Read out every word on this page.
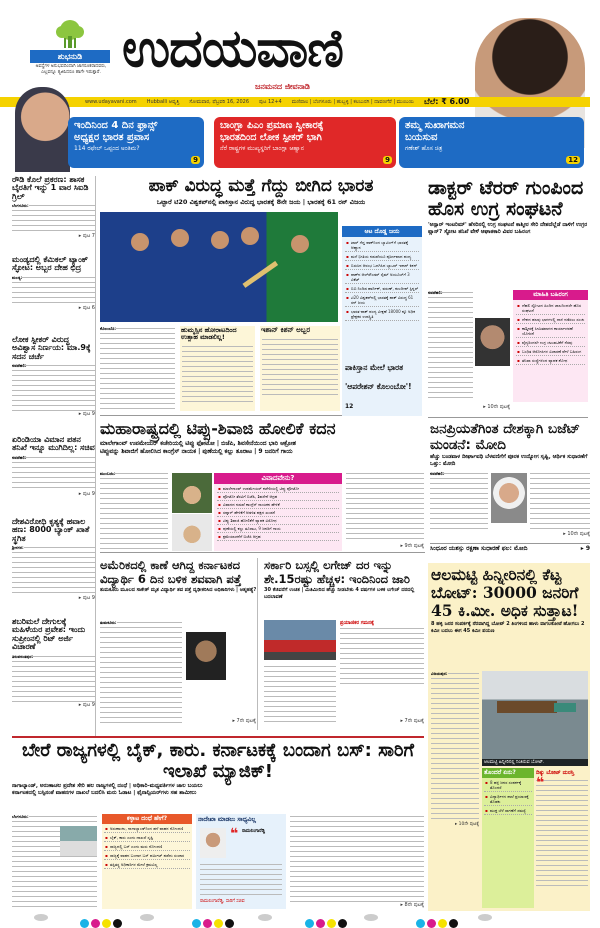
ಶುಭನುಡಿ
ಅವಸ್ಥೆಗಳ ಅನುಭವದಿಂದಾಗಿ ಜಾಗರೂಕರಾದವರು, ಎಲ್ಲವನ್ನೂ ತ್ಯಜಿಸಿದರೂ ಹಾಗೇ ಇರುತ್ತಾರೆ. ಉದಯವಾಣಿ
ಜನಮನದ ಜೀವನಾಡಿ
www.udayavani.com Hubballi ಆವೃತ್ತಿ ಸೋಮವಾರ, ಫೆಬ್ರವರಿ 16, 2026 ಪುಟ 12+4 ಮಣಿಪಾಲ | ಬೆಂಗಳೂರು | ಹುಬ್ಬಳ್ಳಿ | ಕಲಬುರಗಿ | ದಾವಣಗೆರೆ | ಮುಂಬಯಿ ಬೆಲೆ: ₹ 6.00
ಇಂದಿನಿಂದ 4 ದಿನ ಫ್ರಾನ್ಸ್
ಅಧ್ಯಕ್ಷರ ಭಾರತ ಪ್ರವಾಸ
114 ರಫೇಲ್ ಒಪ್ಪಂದ ಅಂತಿಮ?
9
ಬಾಂಗ್ಲಾ ಪಿಎಂ ಪ್ರಮಾಣ ಸ್ವೀಕಾರಕ್ಕೆ
ಭಾರತದಿಂದ ಲೋಕ ಸ್ಪೀಕರ್ ಭಾಗಿ
ನೆರೆ ರಾಷ್ಟ್ರಗಳ ಮುಖ್ಯಸ್ಥರಿಗೆ ಬಾಂಗ್ಲಾ ಆಹ್ವಾನ
9
ತಮ್ಮ ಸುಖಾಗಮನ
ಬಯಸುವ
ಗಣೇಶ್ ಹೊಸ ಚಿತ್ರ
12
ರೌಡಿ ಕೊಲೆ ಪ್ರಕರಣ: ಶಾಸಕ ಬೈರತಿಗೆ ಇನ್ನು 1 ವಾರ ಸಿಐಡಿ ಗ್ರಿಲ್
ಬೆಂಗಳೂರು:
▸ ಪುಟ 7
ಮಂಡ್ಯದಲ್ಲಿ ಕೆಮಿಕಲ್ ಟ್ಯಾಂಕ್ ಸ್ಫೋಟ: ಅಬ್ಬರ ದೇಹ ಛಿದ್ರ
ಮಂಡ್ಯ:
▸ ಪುಟ 6
ಲೋಕ ಸ್ಪೀಕರ್ ವಿರುದ್ಧ ಅವಿಶ್ವಾಸ ನಿರ್ಣಯ: ಮಾ.9ಕ್ಕೆ ಸದನ ಚರ್ಚೆ
ನವದೆಹಲಿ:
▸ ಪುಟ 9
ಏರಿಂಡಿಯಾ ವಿಮಾನ ಪತನ ತನಿಖೆ ಇನ್ನೂ ಮುಗಿದಿಲ್ಲ: ಸಚಿವ
ನವದೆಹಲಿ:
▸ ಪುಟ 9
ದೇಶವಿರೋಧಿ ಕೃತ್ಯಕ್ಕೆ ಹವಾಲ ಹಣ: 8000 ಬ್ಯಾಂಕ್ ಖಾತೆ ಸ್ಥಗಿತ
ಶ್ರೀನಗರ:
▸ ಪುಟ 9
ಶಬರಿಮಲೆ ದೇಗುಲಕ್ಕೆ ಮಹಿಳೆಯರ ಪ್ರವೇಶ: ಇಂದು ಸುಪ್ರೀಂನಲ್ಲಿ ರಿಟ್ ಅರ್ಜಿ ವಿಚಾರಣೆ
ತಿರುವನಂತಪುರ:
▸ ಪುಟ 9
ಪಾಕ್ ವಿರುದ್ಧ ಮತ್ತೆ ಗೆದ್ದು ಬೀಗಿದ ಭಾರತ
ಒಟ್ಟಾರೆ ಟಿ20 ವಿಶ್ವಕಪ್‌ನಲ್ಲಿ ಪಾಕಿಸ್ತಾನ ವಿರುದ್ಧ ಭಾರತಕ್ಕೆ 8ನೇ ಜಯ | ಭಾರತಕ್ಕೆ 61 ರನ್ ವಿಜಯ
ಆಟ ದೊಡ್ಡ ಜಯ
▪ ಟಾಸ್ ಗೆದ್ದ ಪಾಕ್‌ನಿಂದ ಬ್ಯಾಟಿಂಗ್‌ಗೆ ಭಾರತಕ್ಕೆ ಆಹ್ವಾನ
▪ ಮಳೆ ಭೀತಿಯ ನಡುವೆಯೂ ಪೂರ್ಣವಾದ ಪಂದ್ಯ
▪ ಬಿರುಸಿನ ಆರಂಭ ಒದಗಿಸಿದ ಬ್ಯಾಟರ್ ಇಶಾನ್ ಕಿಶನ್
▪ ಪಾಕ್‌ನ ಆಲ್‌ರೌಂಡರ್ ಸೈಮ್ ಅಯೂಬ್‌ಗೆ 3 ವಿಕೆಟ್
▪ ಬಿಬಿ ನಿಂದಿಡ ಹಾರ್ದಿಕ್, ವರುಣ್, ಕುಲದೀಪ್ ಸ್ಪಿನ್ನರ್
▪ ಟಿ20 ವಿಶ್ವಕಪ್‌ನಲ್ಲಿ ಭಾರತಕ್ಕೆ ಪಾಕ್ ವಿರುದ್ಧ 61 ರನ್ ಜಯ
▪ ಭಾರತ-ಪಾಕ್ ಪಂದ್ಯ ವೀಕ್ಷಣೆ 18000 ಕ್ಕೂ ಅಧಿಕ ಪ್ರೇಕ್ಷಕರ ಉಪಸ್ಥಿತಿ
ಪಾಕಿಸ್ತಾನ ಮೇಲೆ ಭಾರತ 'ಆಪರೇಶನ್ ಕೊಲಂಬೋ'! 12
ಕೊಲಂಬೊ:	ಹುಮ್ಮಸ್ಸಿನ ಹೋರಾಟದಿಂದ ಉತ್ಸಾಹ ಮಾಡಲಿಲ್ಲ!
ಇಶಾನ್ ಕಿಶನ್ ಅಬ್ಬರ
ಡಾಕ್ಟರ್ ಟೆರರ್ ಗುಂಪಿಂದ ಹೊಸ ಉಗ್ರ ಸಂಘಟನೆ
'ಅನ್ಸಾರ್ ಇಂಟರಿಮ್' ಹೆಸರಿನಲ್ಲಿ ಉಗ್ರ ಸಂಘಟನೆ ಕಾಶ್ಮೀರ ಸೇರಿ ದೇಶದೆಲ್ಲೆಡೆ ದಾಳಿಗೆ ಉಗ್ರರ ಪ್ಲಾನ್? ಸ್ಫೋಟ ತನಿಖೆ ವೇಳೆ ಆಘಾತಕಾರಿ ವಿವರ ಬಹಿರಂಗ
ನವದೆಹಲಿ:	ಮಾಹಿತಿ ಬಹಿರಂಗ
▪ ದೆಹಲಿ ಸ್ಫೋಟದ ಹಿಂದಿನ ಜಾಲದಿಂದಲೇ ಹೊಸ ಸಂಘಟನೆ
▪ ದೇಶದ ಹಲವು ಭಾಗಗಳಲ್ಲಿ ದಾಳಿ ನಡೆಸಲು ಸಂಚು
▪ ಕಾಶ್ಮೀರಕ್ಕೆ ಸೀಮಿತವಾಗದ ಕಾರ್ಯಾಚರಣೆ ಯೋಜನೆ
▪ ವೈದ್ಯರಿಂದಲೇ ಉಗ್ರ ಚಟುವಟಿಕೆಗೆ ನೆರವು
▪ ಬಂಧಿತ ಆರೋಪಿಗಳ ವಿಚಾರಣೆ ವೇಳೆ ಬಹಿರಂಗ
▪ ತನಿಖಾ ಸಂಸ್ಥೆಗಳಿಂದ ವ್ಯಾಪಕ ಶೋಧ
▸ 10ನೇ ಪುಟಕ್ಕೆ
ಮಹಾರಾಷ್ಟ್ರದಲ್ಲಿ ಟಿಪ್ಪು-ಶಿವಾಜಿ ಹೋಲಿಕೆ ಕದನ
ಮಾಲೇಗಾಂವ್ ಉಪಮೇಯರ್ ಕಚೇರಿಯಲ್ಲಿ ಟಿಪ್ಪು ಫೋಟೋ | ಬಿಜೆಪಿ, ಶಿವಸೇನೆಯಿಂದ ಭಾರಿ ಆಕ್ರೋಶ
ಟಿಪ್ಪುವನ್ನು ಶಿವಾಜಿಗೆ ಹೋಲಿಸಿದ ಕಾಂಗ್ರೆಸ್ ನಾಯಕ | ಪುಣೆಯಲ್ಲಿ ಕಲ್ಲು ತೂರಾಟ | 9 ಜನರಿಗೆ ಗಾಯ
ಮುಂಬಯಿ:
ವಿವಾದವೇನು?
▪ ಮಾಲೇಗಾಂವ್ ಉಪಮೇಯರ್ ಕಚೇರಿಯಲ್ಲಿ ಟಿಪ್ಪು ಫೋಟೋ
▪ ಫೋಟೋ ತೆರವಿಗೆ ಬಿಜೆಪಿ, ಶಿವಸೇನೆ ಆಗ್ರಹ
▪ ವಿವಾದದ ನಡುವೆ ಕಾಂಗ್ರೆಸ್ ನಾಯಕನ ಹೇಳಿಕೆ
▪ ಸಪ್ಕಾಳ್ ಹೇಳಿಕೆಗೆ ಆಡಳಿತ ಪಕ್ಷದ ಖಂಡನೆ
▪ ಟಿಪ್ಪು ಶಿವಾಜಿ ಹೋಲಿಕೆಗೆ ವ್ಯಾಪಕ ವಿರೋಧ
▪ ಪುಣೆಯಲ್ಲಿ ಕಲ್ಲು ತೂರಾಟ, 9 ಜನರಿಗೆ ಗಾಯ
▪ ಕ್ಷಮೆಯಾಚನೆಗೆ ಬಿಜೆಪಿ ಆಗ್ರಹ
▸ 9ನೇ ಪುಟಕ್ಕೆ
ಜನಪ್ರಿಯತೆಗಿಂತ ದೇಶಕ್ಕಾಗಿ ಬಜೆಟ್ ಮಂಡನೆ: ಮೋದಿ
ಹೆಚ್ಚು ಬಂಡವಾಳ ದೀರ್ಘಾವಧಿ ಬೆಳವಣಿಗೆಗೆ ಪೂರಕ ಉದ್ಯೋಗ ಸೃಷ್ಟಿ, ಆರ್ಥಿಕ ಸುಧಾರಣೆಗೆ ಒತ್ತು: ಮೋದಿ
ನವದೆಹಲಿ:
▸ 10ನೇ ಪುಟಕ್ಕೆ
ಸಿಂಧೂರ ಯಶಸ್ಸು ರಕ್ಷಣಾ ಸುಧಾರಣೆ ಫಲ: ಮೋದಿ	▸ 9
ಅಮೆರಿಕದಲ್ಲಿ ಕಾಣೆ ಆಗಿದ್ದ ಕರ್ನಾಟಕದ ವಿದ್ಯಾರ್ಥಿ 6 ದಿನ ಬಳಿಕ ಶವವಾಗಿ ಪತ್ತೆ
ತುಮಕೂರು ಮೂಲದ ಸಾಕೇತ್ ಮೃತ ವಿದ್ಯಾರ್ಥಿ ಶವ ಪತ್ತೆ ದೃಢೀಕರಿಸಿದ ಅಧಿಕಾರಿಗಳು | ಆತ್ಮಹತ್ಯೆ?
ತುಮಕೂರು:
▸ 7ನೇ ಪುಟಕ್ಕೆ
ಸರ್ಕಾರಿ ಬಸ್ಸಲ್ಲಿ ಲಗೇಜ್ ದರ ಇನ್ನು ಶೇ.15ರಷ್ಟು ಹೆಚ್ಚಳ: ಇಂದಿನಿಂದ ಜಾರಿ
30 ಕೆಜಿವರೆಗೆ ಉಚಿತ | ಮಿತಿಮೀರಿದ ಹೆಚ್ಚು ನೀಡಬೇಕು 4 ವರ್ಷಗಳ ಬಳಿಕ ಲಗೇಜ್ ದರದಲ್ಲಿ ಬದಲಾವಣೆ
ಪ್ರಯಾಣಿಕರ ಗಮನಕ್ಕೆ
▸ 7ನೇ ಪುಟಕ್ಕೆ
ಆಲಮಟ್ಟಿ ಹಿನ್ನೀರಿನಲ್ಲಿ ಕೆಟ್ಟ ಬೋಟ್: 30000 ಜನರಿಗೆ 45 ಕಿ.ಮೀ. ಅಧಿಕ ಸುತ್ತಾಟ!
8 ಹಳ್ಳಿ ಜನರ ಸಂಪರ್ಕಕ್ಕೆ ನೆರವಾಗಿದ್ದ ಬೋಟ್ 2 ತಿಂಗಳಿಂದ ಹಾಳು ವಾಗಲಕೋಟೆ ಹೋಗಲು 2 ಕಿಮೀ ಬದಲು ಈಗ 45 ಕಿಮೀ ಪಯಣ
ವಿಜಯಪುರ:
ಆಲಮಟ್ಟಿ ಹಿನ್ನೀರಿನಲ್ಲಿ ನಿಂತಿರುವ ಬೋಟ್.
ತೊಂದರೆ ಏನು?
▪ 8 ಹಳ್ಳಿ ಜನರ ಸಂಪರ್ಕಕ್ಕೆ ತೊಂದರೆ
▪ ವಿದ್ಯಾರ್ಥಿಗಳ ಶಾಲೆ ಪ್ರಯಾಣಕ್ಕೆ ತೊಡಕು
▪ ಮುಕ್ತ ಬೆಳೆ ಸಾಗಣೆಗೆ ಸಮಸ್ಯೆ
ದಿಕ್ಕು ಬೋಟ್ ದುರಸ್ತಿ
❝
▸ 10ನೇ ಪುಟಕ್ಕೆ
ಬೇರೆ ರಾಜ್ಯಗಳಲ್ಲಿ ಬೈಕ್, ಕಾರು. ಕರ್ನಾಟಕಕ್ಕೆ ಬಂದಾಗ ಬಸ್: ಸಾರಿಗೆ ಇಲಾಖೆ ಮ್ಯಾಜಿಕ್!
ನಾಗಾಲ್ಯಾಂಡ್, ಅರುಣಾಚಲ ಪ್ರದೇಶ ಸೇರಿ ಹಲ ರಾಜ್ಯಗಳಲ್ಲಿ ದಂಧೆ | ಅಧಿಕಾರಿ-ಮಧ್ಯವರ್ತಿಗಳ ಜಾಲ ಬಯಲು
ಕರ್ನಾಟಕದಲ್ಲಿ ಬಸ್ಸಿನಂತೆ ವಾಹನಗಳ ದಾಖಲೆ ಬದಲಿಸಿ ಮರು ಓಡಾಟ | ಫೈನಾನ್ಸಿಯರ್‌ಗಳು ಸಹ ಶಾಮೀಲು
ಬೆಂಗಳೂರು:	ಕಳ್ಳಾಟ ದಂಧೆ ಹೇಗೆ?
▪ ಅರುಣಾಚಲ, ನಾಗಾಲ್ಯಾಂಡ್‌ನಿಂದ ಹಳೆ ವಾಹನ ನೋಂದಣಿ
▪ ಬೈಕ್, ಕಾರು ಎಂದು ದಾಖಲೆ ಸೃಷ್ಟಿ
▪ ರಾಜ್ಯದಲ್ಲಿ ಬಸ್ ಎಂದು ಮರು ನೋಂದಣಿ
▪ ರಾಜ್ಯಕ್ಕೆ ವಾಹನ ಬಂದಾಗ ಬಸ್ ಪರ್ಮಿಟ್ ಪಡೆದು ಸಂಚಾರ
▪ ತಪ್ಪಿತಸ್ಥ ಅಧಿಕಾರಿಗಳ ಮೇಲೆ ಕ್ರಮವಿಲ್ಲ
ನಾದೇಖಾ ಮಾಡಲು ಸಾಧ್ಯವಿಲ್ಲ
❝ ರಾಮಲಿಂಗಾರೆಡ್ಡಿ
ರಾಮಲಿಂಗಾರೆಡ್ಡಿ, ಸಾರಿಗೆ ಸಚಿವ
▸ 8ನೇ ಪುಟಕ್ಕೆ
